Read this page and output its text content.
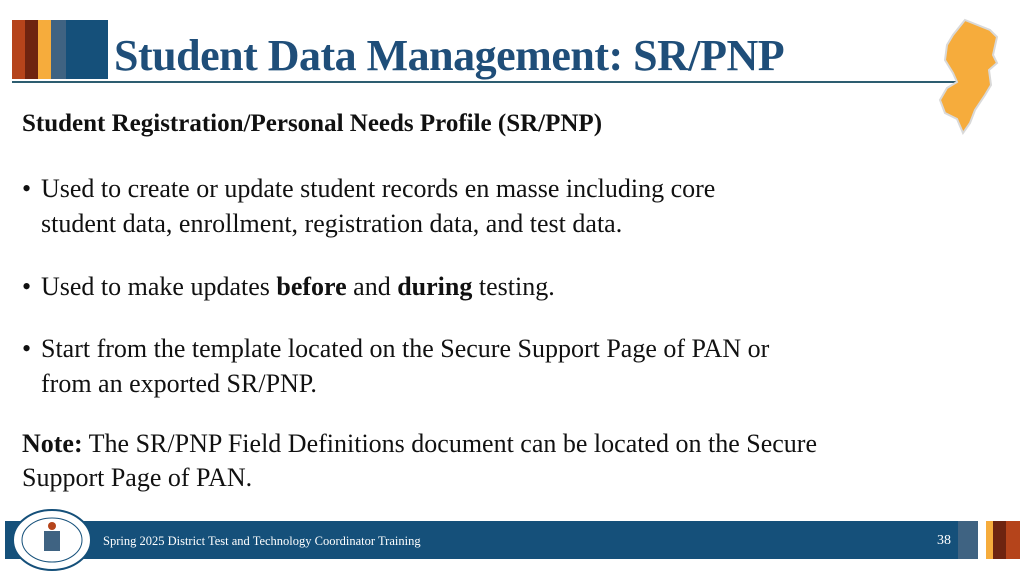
Student Data Management: SR/PNP
Student Registration/Personal Needs Profile (SR/PNP)
• Used to create or update student records en masse including core
student data, enrollment, registration data, and test data.
• Used to make updates before and during testing.
• Start from the template located on the Secure Support Page of PAN or
from an exported SR/PNP.
Note: The SR/PNP Field Definitions document can be located on the Secure Support Page of PAN.
Spring 2025 District Test and Technology Coordinator Training	38
